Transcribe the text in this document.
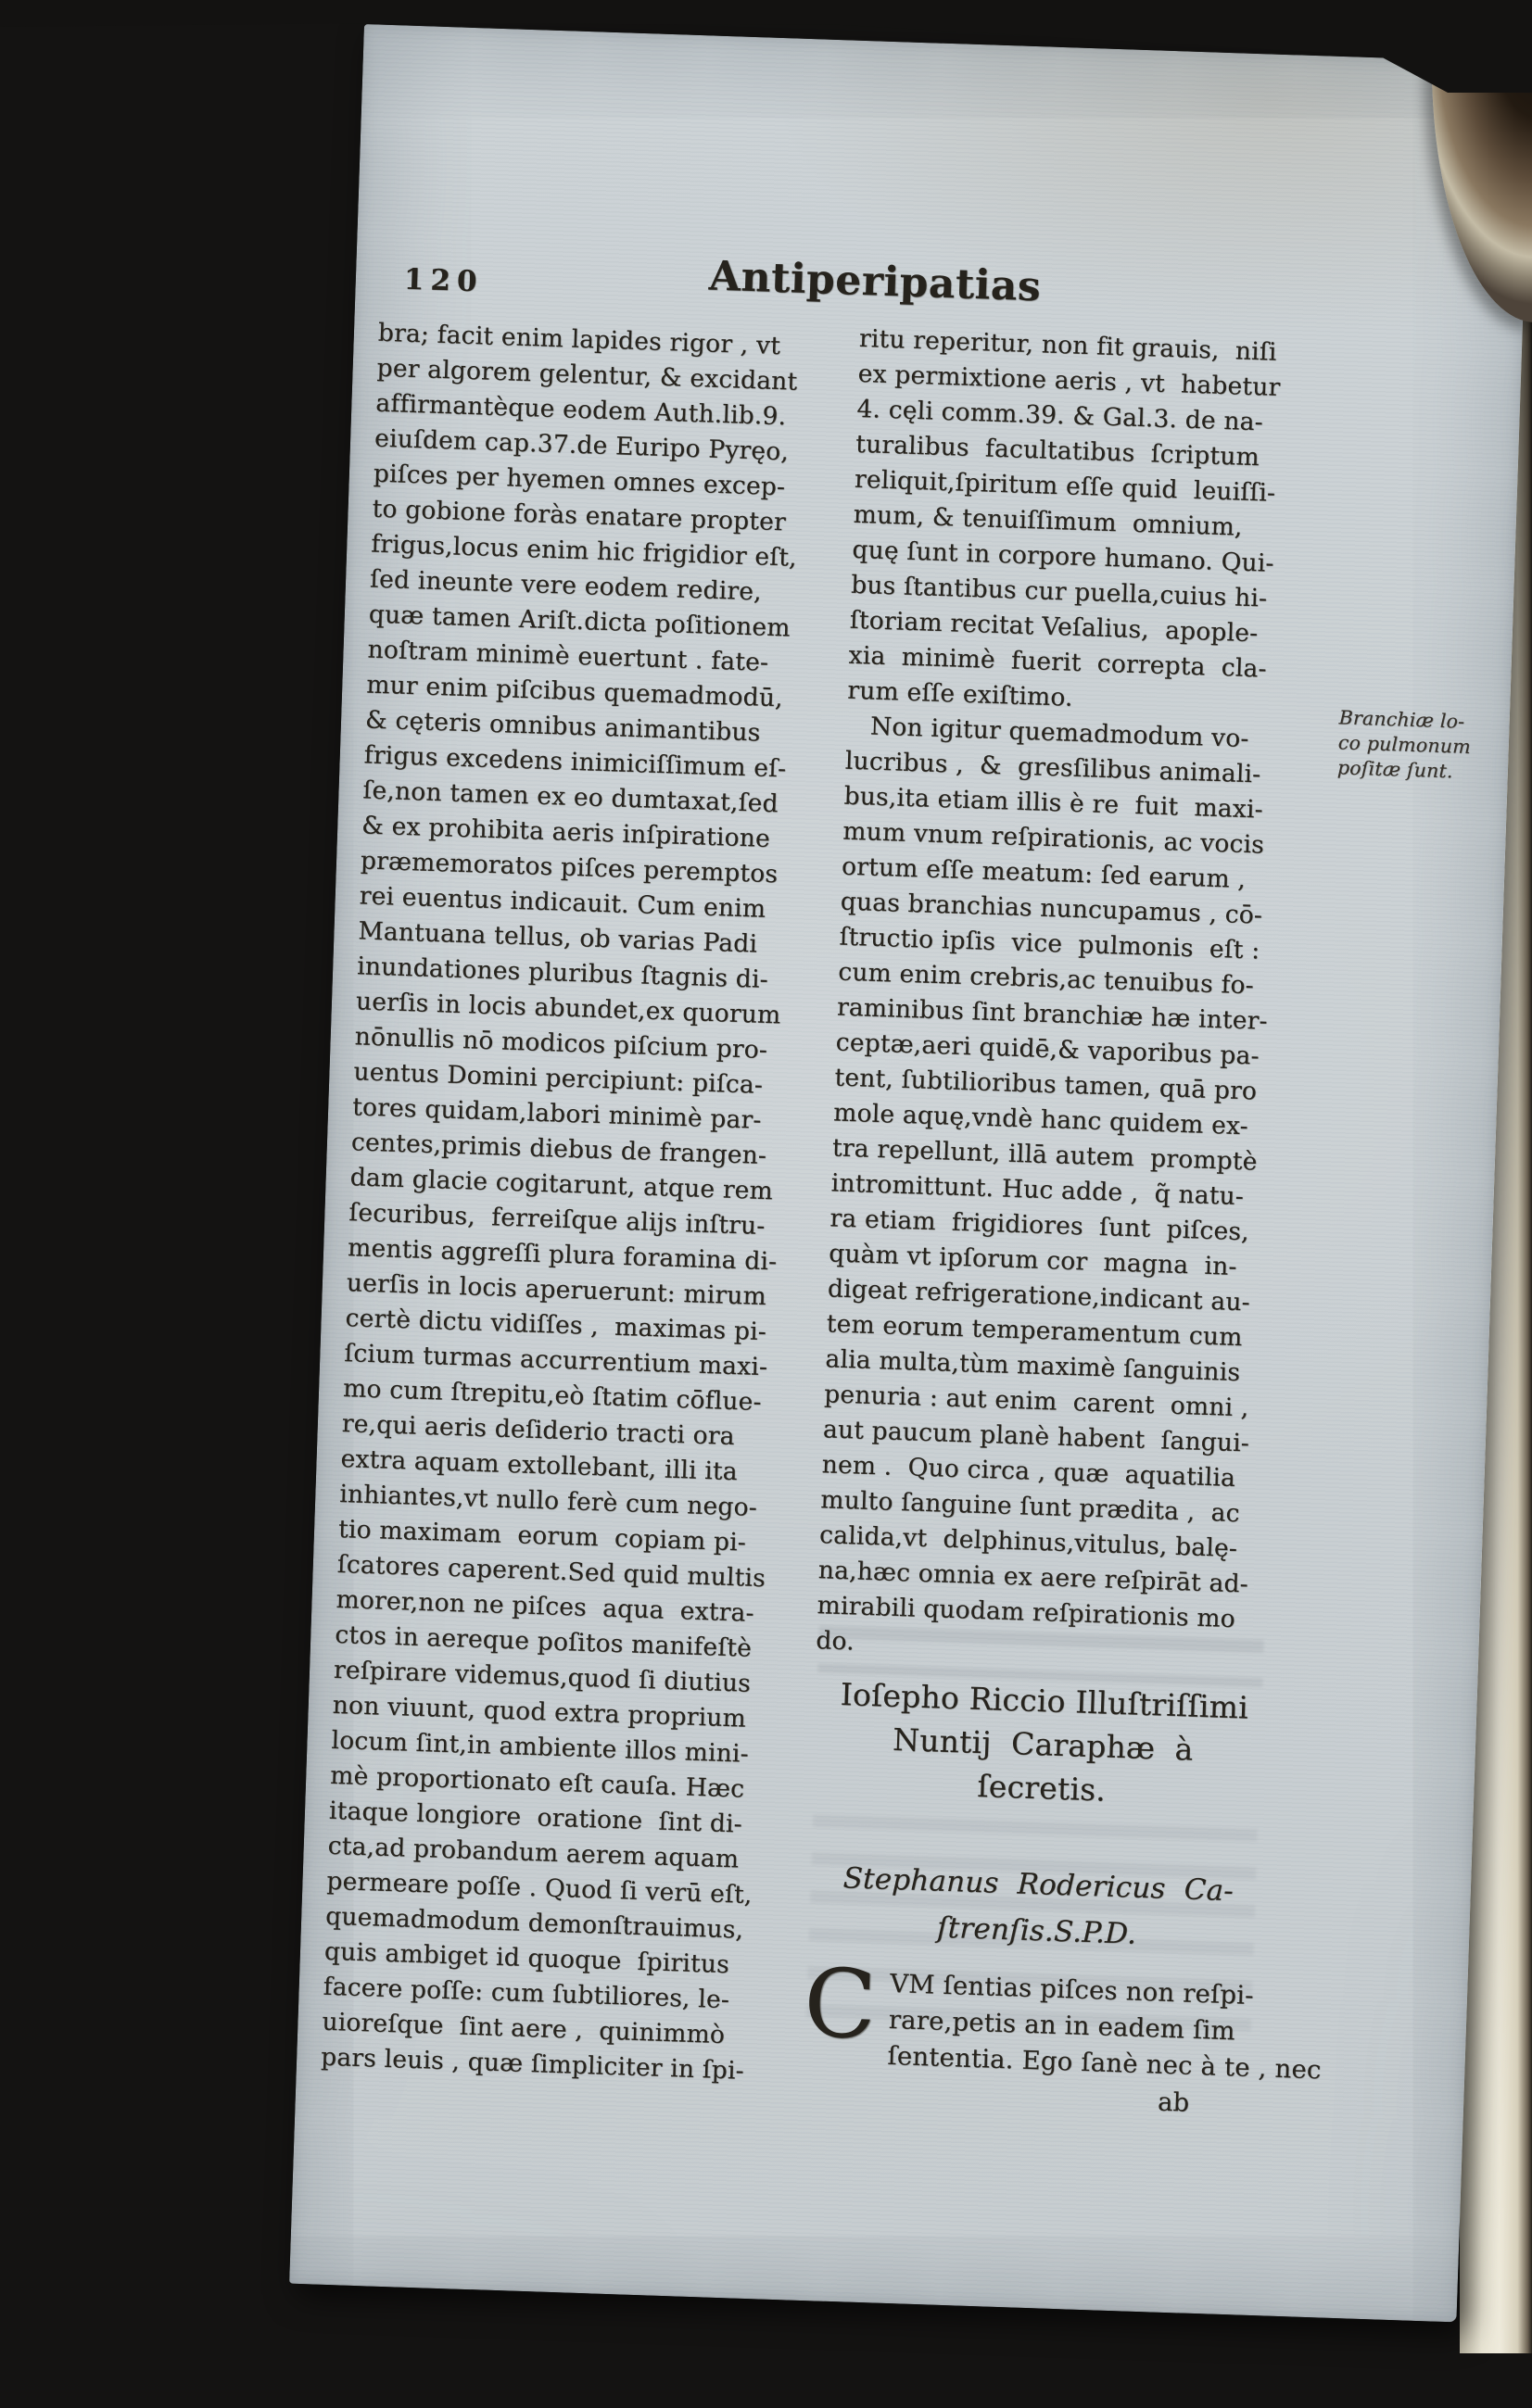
120	Antiperipatias
bra; facit enim lapides rigor , vt
per algorem gelentur, & excidant
affirmantèque eodem Auth.lib.9.
eiuſdem cap.37.de Euripo Pyręo,
piſces per hyemen omnes excep-
to gobione foràs enatare propter
frigus,locus enim hic frigidior eſt,
ſed ineunte vere eodem redire,
quæ tamen Ariſt.dicta poſitionem
noſtram minimè euertunt . fate-
mur enim piſcibus quemadmodū,
& cęteris omnibus animantibus
frigus excedens inimiciſſimum eſ-
ſe,non tamen ex eo dumtaxat,ſed
& ex prohibita aeris inſpiratione
præmemoratos piſces peremptos
rei euentus indicauit. Cum enim
Mantuana tellus, ob varias Padi
inundationes pluribus ſtagnis di-
uerſis in locis abundet,ex quorum
nōnullis nō modicos piſcium pro-
uentus Domini percipiunt: piſca-
tores quidam,labori minimè par-
centes,primis diebus de frangen-
dam glacie cogitarunt, atque rem
ſecuribus,  ferreiſque alijs inſtru-
mentis aggreſſi plura foramina di-
uerſis in locis aperuerunt: mirum
certè dictu vidiſſes ,  maximas pi-
ſcium turmas accurrentium maxi-
mo cum ſtrepitu,eò ſtatim cōflue-
re,qui aeris deſiderio tracti ora
extra aquam extollebant, illi ita
inhiantes,vt nullo ferè cum nego-
tio maximam  eorum  copiam pi-
ſcatores caperent.Sed quid multis
morer,non ne piſces  aqua  extra-
ctos in aereque poſitos manifeſtè
reſpirare videmus,quod ſi diutius
non viuunt, quod extra proprium
locum ſint,in ambiente illos mini-
mè proportionato eſt cauſa. Hæc
itaque longiore  oratione  ſint di-
cta,ad probandum aerem aquam
permeare poſſe . Quod ſi verū eſt,
quemadmodum demonſtrauimus,
quis ambiget id quoque  ſpiritus
facere poſſe: cum ſubtiliores, le-
uioreſque  ſint aere ,  quinimmò
pars leuis , quæ ſimpliciter in ſpi-
ritu reperitur, non fit grauis,  niſi
ex permixtione aeris , vt  habetur
4. cęli comm.39. & Gal.3. de na-
turalibus  facultatibus  ſcriptum
reliquit,ſpiritum eſſe quid  leuiſſi-
mum, & tenuiſſimum  omnium,
quę ſunt in corpore humano. Qui-
bus ſtantibus cur puella,cuius hi-
ſtoriam recitat Veſalius,  apople-
xia  minimè  fuerit  correpta  cla-
rum eſſe exiſtimo.
Non igitur quemadmodum vo-
lucribus ,  &  gresſilibus animali-
bus,ita etiam illis è re  fuit  maxi-
mum vnum reſpirationis, ac vocis
ortum eſſe meatum: ſed earum ,
quas branchias nuncupamus , cō-
ſtructio ipſis  vice  pulmonis  eſt :
cum enim crebris,ac tenuibus fo-
raminibus ſint branchiæ hæ inter-
ceptæ,aeri quidē,& vaporibus pa-
tent, ſubtilioribus tamen, quā pro
mole aquę,vndè hanc quidem ex-
tra repellunt, illā autem  promptè
intromittunt. Huc adde ,  q̃ natu-
ra etiam  frigidiores  ſunt  piſces,
quàm vt ipſorum cor  magna  in-
digeat refrigeratione,indicant au-
tem eorum temperamentum cum
alia multa,tùm maximè ſanguinis
penuria : aut enim  carent  omni ,
aut paucum planè habent  ſangui-
nem .  Quo circa , quæ  aquatilia
multo ſanguine ſunt prædita ,  ac
calida,vt  delphinus,vitulus, balę-
na,hæc omnia ex aere reſpirāt ad-
mirabili quodam reſpirationis mo
do.
Ioſepho Riccio Illuſtriſſimi
Nuntij  Caraphæ  à
ſecretis.
Stephanus  Rodericus  Ca-
ſtrenſis.S.P.D.
C VM ſentias piſces non reſpi-
rare,petis an in eadem ſim
ſententia. Ego ſanè nec à te , nec
ab
Branchiæ lo-
co pulmonum
poſitæ ſunt.
